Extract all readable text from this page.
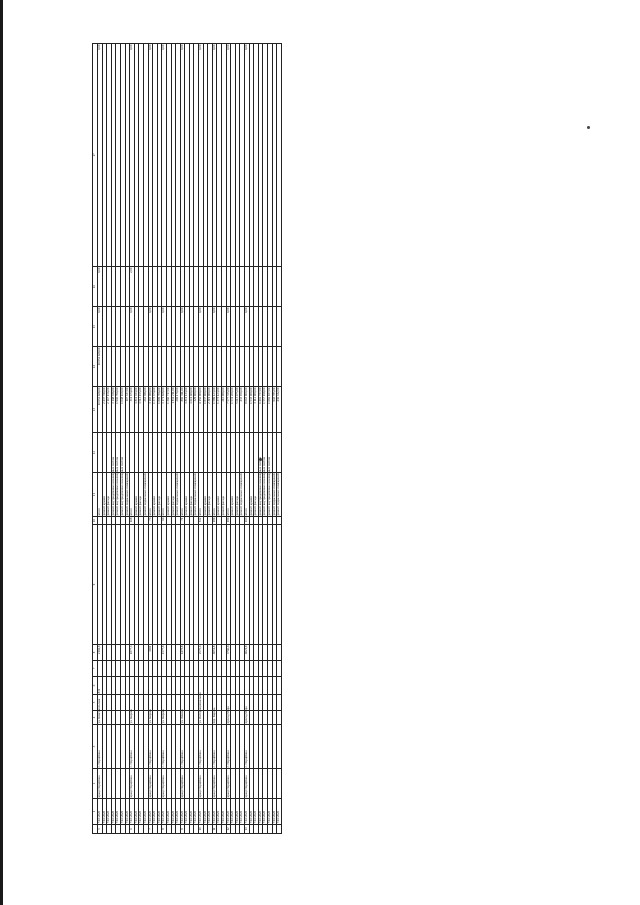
	1	2	3	4	5	6	7	8	9	10	11	12	13	14	15	16	17
5	7/16/2020	нраці Порційона	с. Порційона	ул. Комсомольская		831		2104,8			итого		10 052 429,00	10 052 429,00	0,00	0,00	0,00
	7/16/2020										ремонт крыши		2 437 740,00				
	7/16/2020										ремонт фасада		2 167 156,00				
	7/16/2020										ремонт внутридомовых инженерных систем		3 148 336,00				
	7/16/2020										ремонт внутридомовых инженерных систем		1 945 700,00				
	7/16/2020										ремонт внутридомовых инженерных систем		1 048 160,00				
	7/16/2020										ремонт подвальных помещений		107 337,00				
6	7/16/2020	нраці Порційона	с. Порційона	ул. Кирова				1877,3		168	итого		311 674,00		0,00	2,00	0,00
	7/16/2020										ремонт крыши		1 811 333,00				
	7/16/2020										ремонт фасада		3 513 155,00				
	7/16/2020										ремонт подвальных помещений		262 386,00				
7	7/16/2020	нраці Порційона	с. Порційона	ул. Кирова				1691		73	итого		3 183 080,00		0,00		0,00
	7/16/2020										ремонт крыши		1 373 374,00				
	7/16/2020										ремонт фасада		1 809 706,00				
8	7/16/2020	нраці Порційона	с. Порційона	ул. Кирова				1577,8		64	итого		3 171 928,00		0,00		0,00
	7/16/2020										ремонт крыши		1 360 717,00				
	7/16/2020										ремонт фасада		1 811 211,00				
	7/16/2020										ремонт подвальных помещений		269 170,00				
9	7/16/2020	нраці Порційона	с. Порційона	ул. Ленина				1473,8		71	итого		882 311,00		0,00		0,00
	7/16/2020										ремонт крыши		1 811 133,00				
	7/16/2020										ремонт фасада		1 611 400,00				
	7/16/2020										ремонт подвальных помещений		329 000,00				
10	7/16/2020	нраці Порційона	с. Порційона	ул. Интернациональная				2575,6		512	итого		4 156 000,00		0,00		0,00
	7/16/2020										ремонт крыши		1 837 000,00				
	7/16/2020										ремонт фасада		2 319 000,00				
11	7/16/2020	нраці Порційона	с. Порційона	пер. Кирова				4051,8		180	итого		1 589 123,00		0,00		0,00
	7/16/2020										ремонт крыши		1 373 123,00				
	7/16/2020										ремонт фасада		216 000,00				
12	7/16/2020	нраці Порційона	с. Порційона	проезд Мира				3766,6		184	итого		7 577 725,00		0,00		0,00
	7/16/2020										ремонт крыши		1 531 200,00				
	7/16/2020										ремонт фасада		5 613 475,00				
	7/16/2020										ремонт подвальных помещений		433 050,00				
13	7/16/2020	нраці Порційона	с. Порційона	проезд Мира				4021,9		163	итого		8 063 000,00		0,00		0,00
	7/16/2020										ремонт крыши		1 533 000,00				
	7/16/2020										ремонт фасада		3 112 000,00				
	7/16/2020										ремонт внутридомовых инженерных систем		6 402 737,00				
	7/16/2020										ремонт внутридомовых инженерных систем		1 557 199,00				
	7/16/2020										ремонт внутридомовых инженерных систем		1 682 937,00				
	7/16/2020										ремонт подвальных помещений		943 785,00				
	7/16/2020										ремонт подвальных помещений		436 332,00				
